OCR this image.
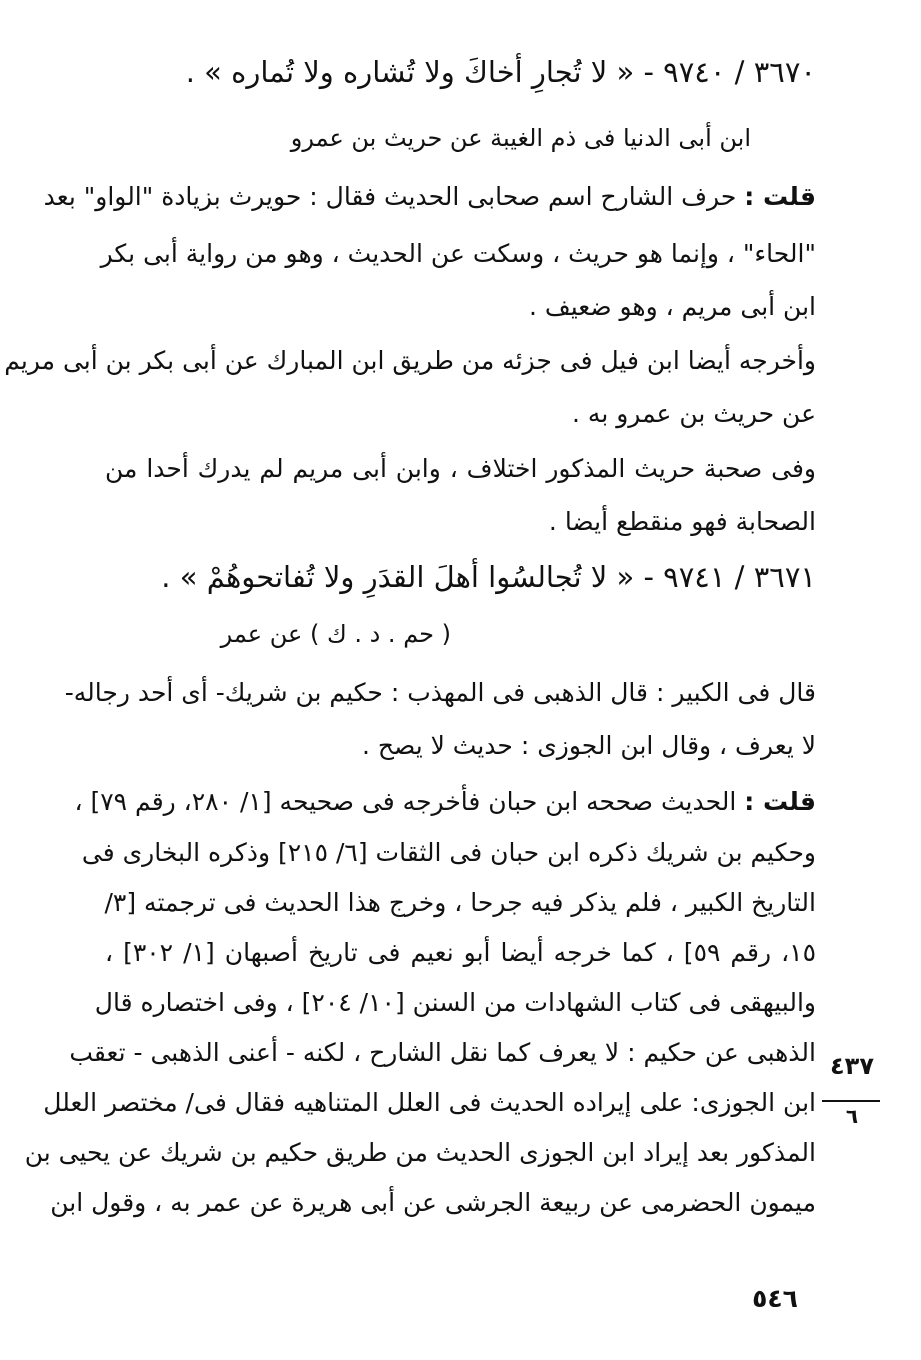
٣٦٧٠ / ٩٧٤٠ - « لا تُجارِ أخاكَ ولا تُشاره ولا تُماره » .
ابن أبى الدنيا فى ذم الغيبة عن حريث بن عمرو
قلت : حرف الشارح اسم صحابى الحديث فقال : حويرث بزيادة "الواو" بعد
"الحاء" ، وإنما هو حريث ، وسكت عن الحديث ، وهو من رواية أبى بكر
ابن أبى مريم ، وهو ضعيف .
وأخرجه أيضا ابن فيل فى جزئه من طريق ابن المبارك عن أبى بكر بن أبى مريم
عن حريث بن عمرو به .
وفى صحبة حريث المذكور اختلاف ، وابن أبى مريم لم يدرك أحدا من
الصحابة فهو منقطع أيضا .
٣٦٧١ / ٩٧٤١ - « لا تُجالسُوا أهلَ القدَرِ ولا تُفاتحوهُمْ » .
( حم . د . ك ) عن عمر
قال فى الكبير : قال الذهبى فى المهذب : حكيم بن شريك- أى أحد رجاله-
لا يعرف ، وقال ابن الجوزى : حديث لا يصح .
قلت : الحديث صححه ابن حبان فأخرجه فى صحيحه [١/ ٢٨٠، رقم ٧٩] ،
وحكيم بن شريك ذكره ابن حبان فى الثقات [٦/ ٢١٥] وذكره البخارى فى
التاريخ الكبير ، فلم يذكر فيه جرحا ، وخرج هذا الحديث فى ترجمته [٣/
١٥، رقم ٥٩] ، كما خرجه أيضا أبو نعيم فى تاريخ أصبهان [١/ ٣٠٢] ،
والبيهقى فى كتاب الشهادات من السنن [١٠/ ٢٠٤] ، وفى اختصاره قال
الذهبى عن حكيم : لا يعرف كما نقل الشارح ، لكنه - أعنى الذهبى - تعقب
ابن الجوزى: على إيراده الحديث فى العلل المتناهيه فقال فى/ مختصر العلل
المذكور بعد إيراد ابن الجوزى الحديث من طريق حكيم بن شريك عن يحيى بن
ميمون الحضرمى عن ربيعة الجرشى عن أبى هريرة عن عمر به ، وقول ابن
٤٣٧
٦
٥٤٦
